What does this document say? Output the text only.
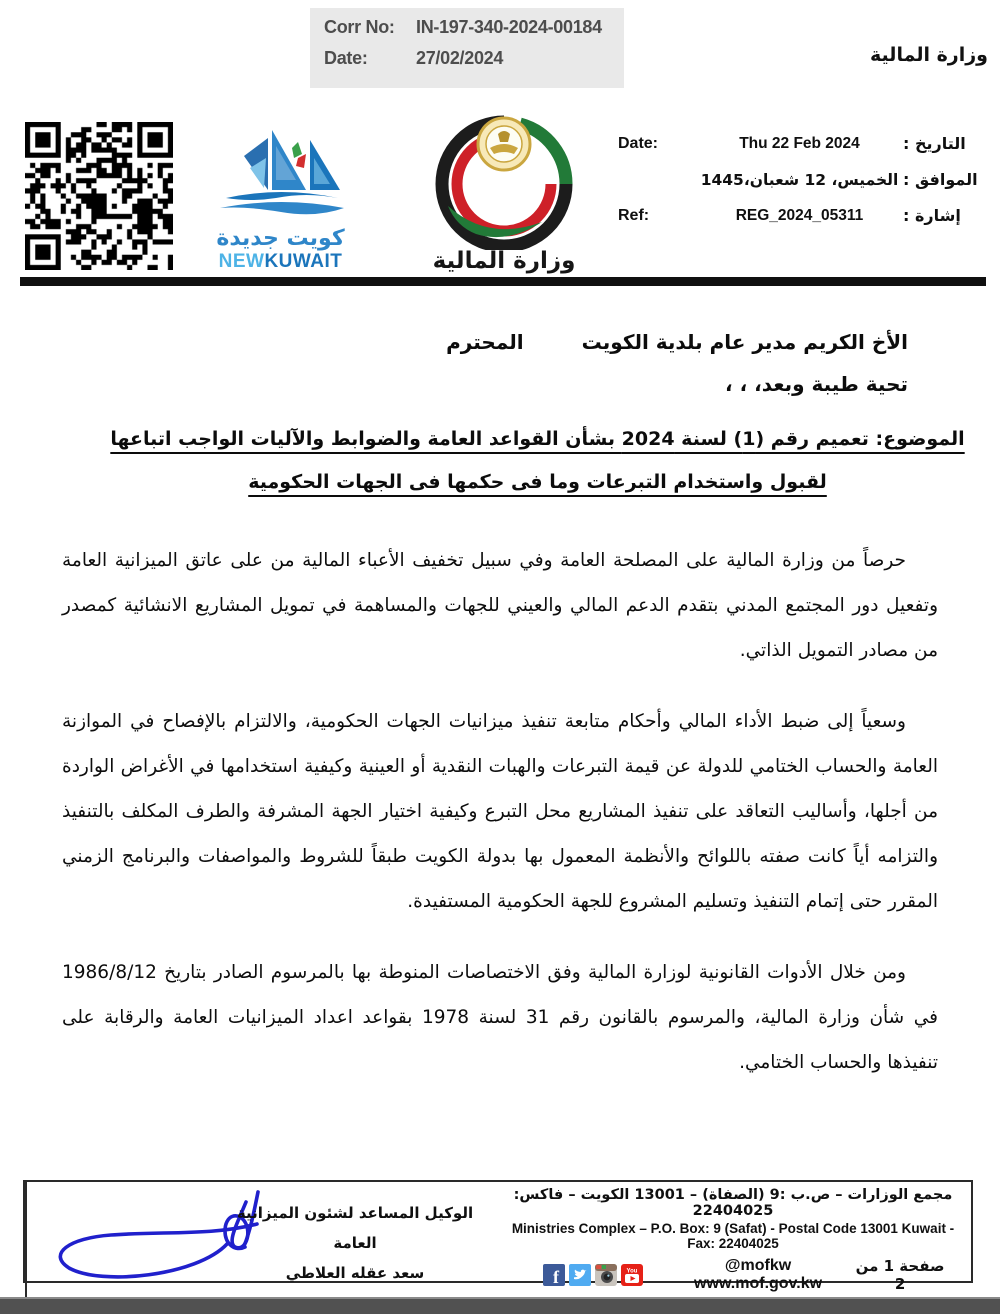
Corr No:	IN-197-340-2024-00184
Date:	27/02/2024	وزارة المالية
كويت جديدة
NEWKUWAIT	وزارة المالية
Date:	Thu 22 Feb 2024	التاريخ :
الخميس، 12 شعبان،1445 الموافق :
Ref:	REG_2024_05311	إشارة :
الأخ الكريم مدير عام بلدية الكويت
المحترم
تحية طيبة وبعد، ، ،
الموضوع: تعميم رقم (1) لسنة 2024 بشأن القواعد العامة والضوابط والآليات الواجب اتباعها
لقبول واستخدام التبرعات وما فى حكمها فى الجهات الحكومية

حرصاً من وزارة المالية على المصلحة العامة وفي سبيل تخفيف الأعباء المالية من على عاتق الميزانية العامة وتفعيل دور المجتمع المدني بتقدم الدعم المالي والعيني للجهات والمساهمة في تمويل المشاريع الانشائية كمصدر من مصادر التمويل الذاتي.

وسعياً إلى ضبط الأداء المالي وأحكام متابعة تنفيذ ميزانيات الجهات الحكومية، والالتزام بالإفصاح في الموازنة العامة والحساب الختامي للدولة عن قيمة التبرعات والهبات النقدية أو العينية وكيفية استخدامها في الأغراض الواردة من أجلها، وأساليب التعاقد على تنفيذ المشاريع محل التبرع وكيفية اختيار الجهة المشرفة والطرف المكلف بالتنفيذ والتزامه أياً كانت صفته باللوائح والأنظمة المعمول بها بدولة الكويت طبقاً للشروط والمواصفات والبرنامج الزمني المقرر حتى إتمام التنفيذ وتسليم المشروع للجهة الحكومية المستفيدة.

ومن خلال الأدوات القانونية لوزارة المالية وفق الاختصاصات المنوطة بها بالمرسوم الصادر بتاريخ 1986/8/12 في شأن وزارة المالية، والمرسوم بالقانون رقم 31 لسنة 1978 بقواعد اعداد الميزانيات العامة والرقابة على تنفيذها والحساب الختامي.

الوكيل المساعد لشئون الميزانية العامة
سعد عقله العلاطي
مجمع الوزارات – ص.ب :9 (الصفاة) – 13001 الكويت – فاكس: 22404025
Ministries Complex – P.O. Box: 9 (Safat) - Postal Code 13001 Kuwait -
Fax: 22404025
f	You	@mofkw www.mof.gov.kw
صفحة 1 من 2
